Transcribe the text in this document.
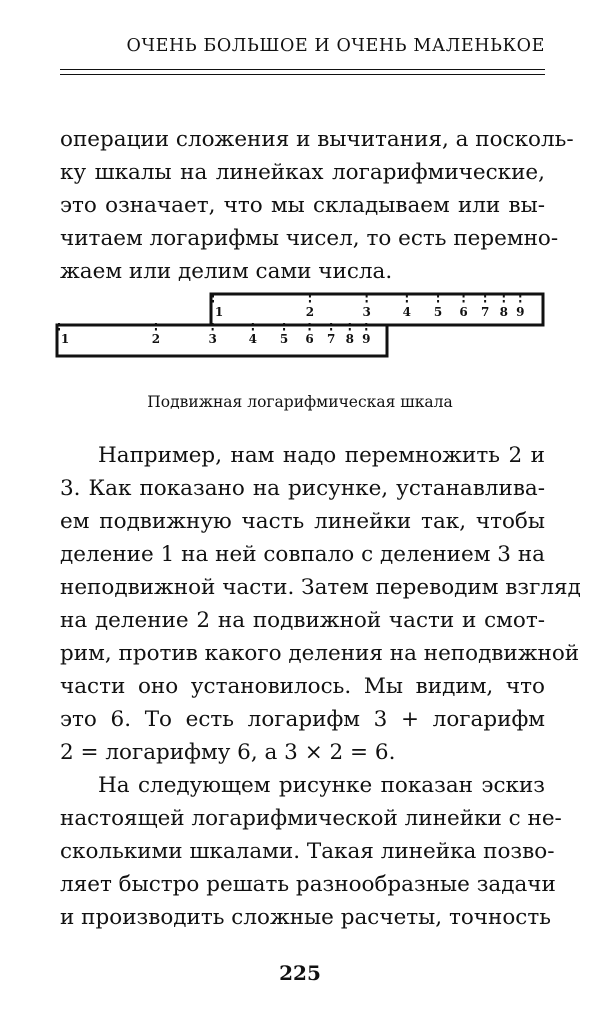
ОЧЕНЬ БОЛЬШОЕ И ОЧЕНЬ МАЛЕНЬКОЕ
операции сложения и вычитания, а посколь-
ку шкалы на линейках логарифмические,
это означает, что мы складываем или вы-
читаем логарифмы чисел, то есть перемно-
жаем или делим сами числа.
1	2	3	4 5 6 7 8 9
1	2	3	4 5 6 7 8 9
Подвижная логарифмическая шкала
Например, нам надо перемножить 2 и
3. Как показано на рисунке, устанавлива-
ем подвижную часть линейки так, чтобы
деление 1 на ней совпало с делением 3 на
неподвижной части. Затем переводим взгляд
на деление 2 на подвижной части и смот-
рим, против какого деления на неподвижной
части оно установилось. Мы видим, что
это 6. То есть логарифм 3 + логарифм
2 = логарифму 6, а 3 × 2 = 6.
На следующем рисунке показан эскиз
настоящей логарифмической линейки с не-
сколькими шкалами. Такая линейка позво-
ляет быстро решать разнообразные задачи
и производить сложные расчеты, точность
225
